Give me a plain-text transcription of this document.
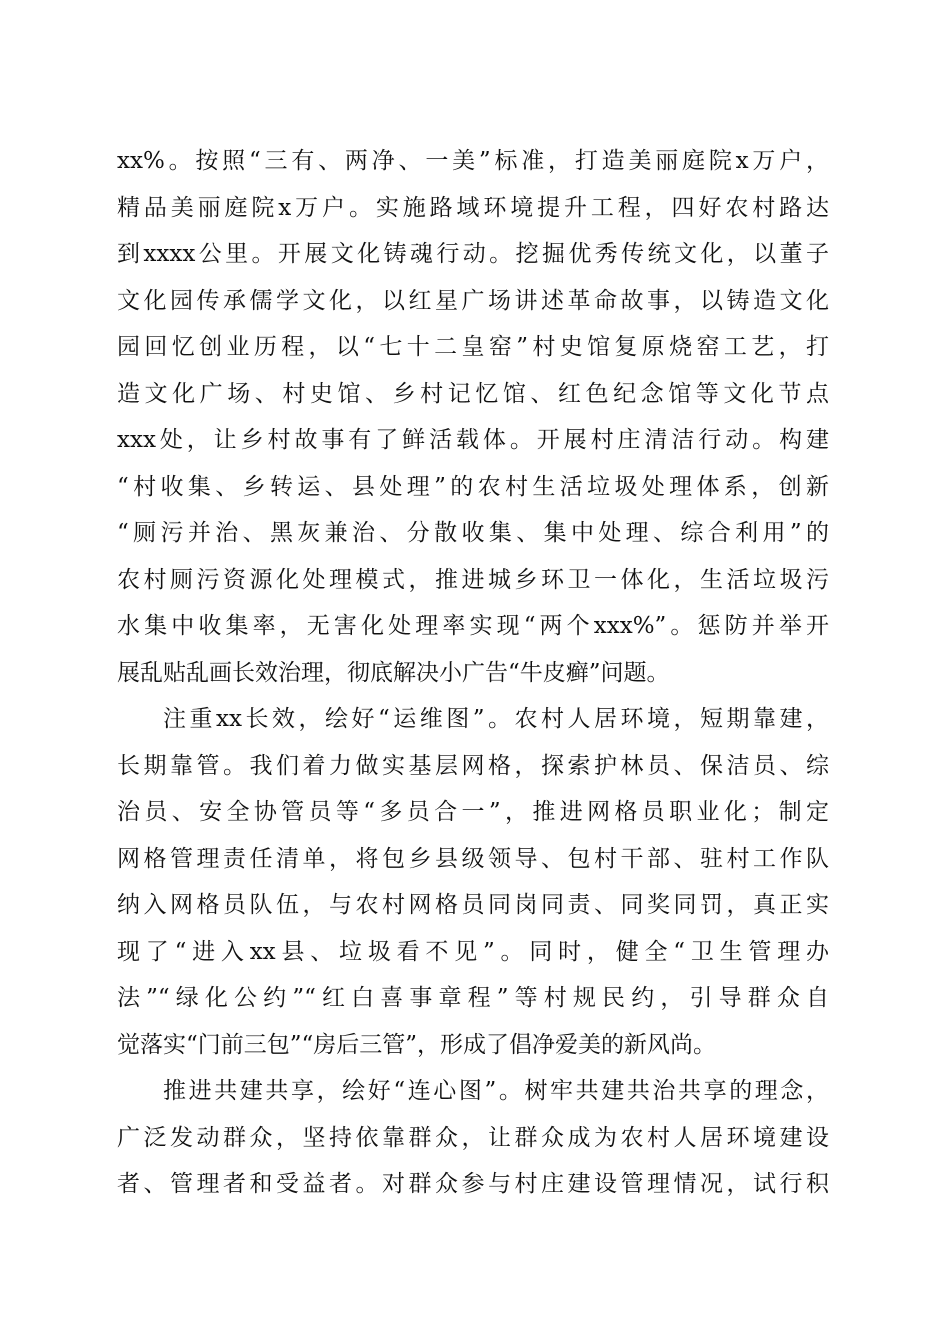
xx%。按照“三有、两净、一美”标准，打造美丽庭院x万户，
精品美丽庭院x万户。实施路域环境提升工程，四好农村路达
到xxxx公里。开展文化铸魂行动。挖掘优秀传统文化，以董子
文化园传承儒学文化，以红星广场讲述革命故事，以铸造文化
园回忆创业历程，以“七十二皇窑”村史馆复原烧窑工艺，打
造文化广场、村史馆、乡村记忆馆、红色纪念馆等文化节点
xxx处，让乡村故事有了鲜活载体。开展村庄清洁行动。构建
“村收集、乡转运、县处理”的农村生活垃圾处理体系，创新
“厕污并治、黑灰兼治、分散收集、集中处理、综合利用”的
农村厕污资源化处理模式，推进城乡环卫一体化，生活垃圾污
水集中收集率，无害化处理率实现“两个xxx%”。惩防并举开
展乱贴乱画长效治理，彻底解决小广告“牛皮癣”问题。
注重xx长效，绘好“运维图”。农村人居环境，短期靠建，
长期靠管。我们着力做实基层网格，探索护林员、保洁员、综
治员、安全协管员等“多员合一”，推进网格员职业化；制定
网格管理责任清单，将包乡县级领导、包村干部、驻村工作队
纳入网格员队伍，与农村网格员同岗同责、同奖同罚，真正实
现了“进入xx县、垃圾看不见”。同时，健全“卫生管理办
法”“绿化公约”“红白喜事章程”等村规民约，引导群众自
觉落实“门前三包”“房后三管”，形成了倡净爱美的新风尚。
推进共建共享，绘好“连心图”。树牢共建共治共享的理念，
广泛发动群众，坚持依靠群众，让群众成为农村人居环境建设
者、管理者和受益者。对群众参与村庄建设管理情况，试行积
